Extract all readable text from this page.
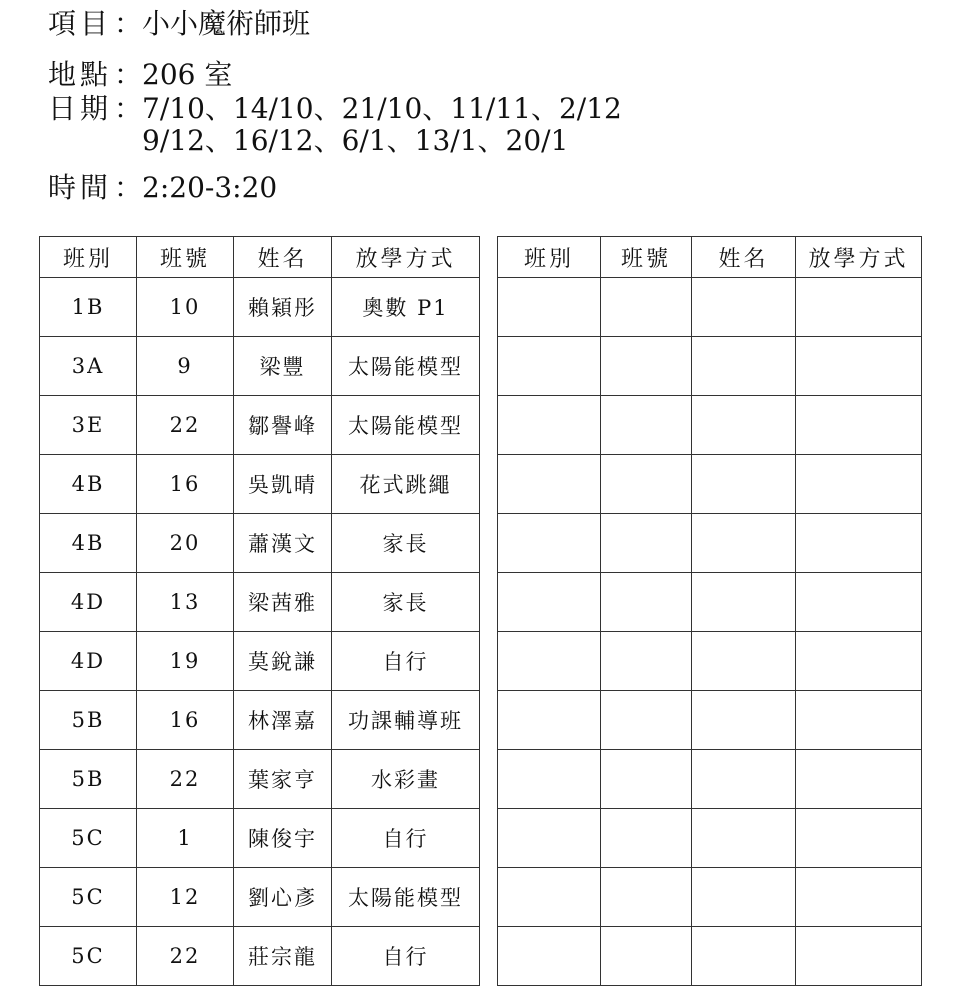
項目：小小魔術師班
地點：206 室
日期：7/10、14/10、21/10、11/11、2/12
9/12、16/12、6/1、13/1、20/1
時間：2:20-3:20
班別	班號	姓名	放學方式
1B	10	賴穎彤	奧數 P1
3A	9	梁豐	太陽能模型
3E	22	鄒譽峰	太陽能模型
4B	16	吳凱晴	花式跳繩
4B	20	蕭漢文	家長
4D	13	梁茜雅	家長
4D	19	莫銳謙	自行
5B	16	林澤嘉	功課輔導班
5B	22	葉家亨	水彩畫
5C	1	陳俊宇	自行
5C	12	劉心彥	太陽能模型
5C	22	莊宗龍	自行
班別	班號	姓名	放學方式
